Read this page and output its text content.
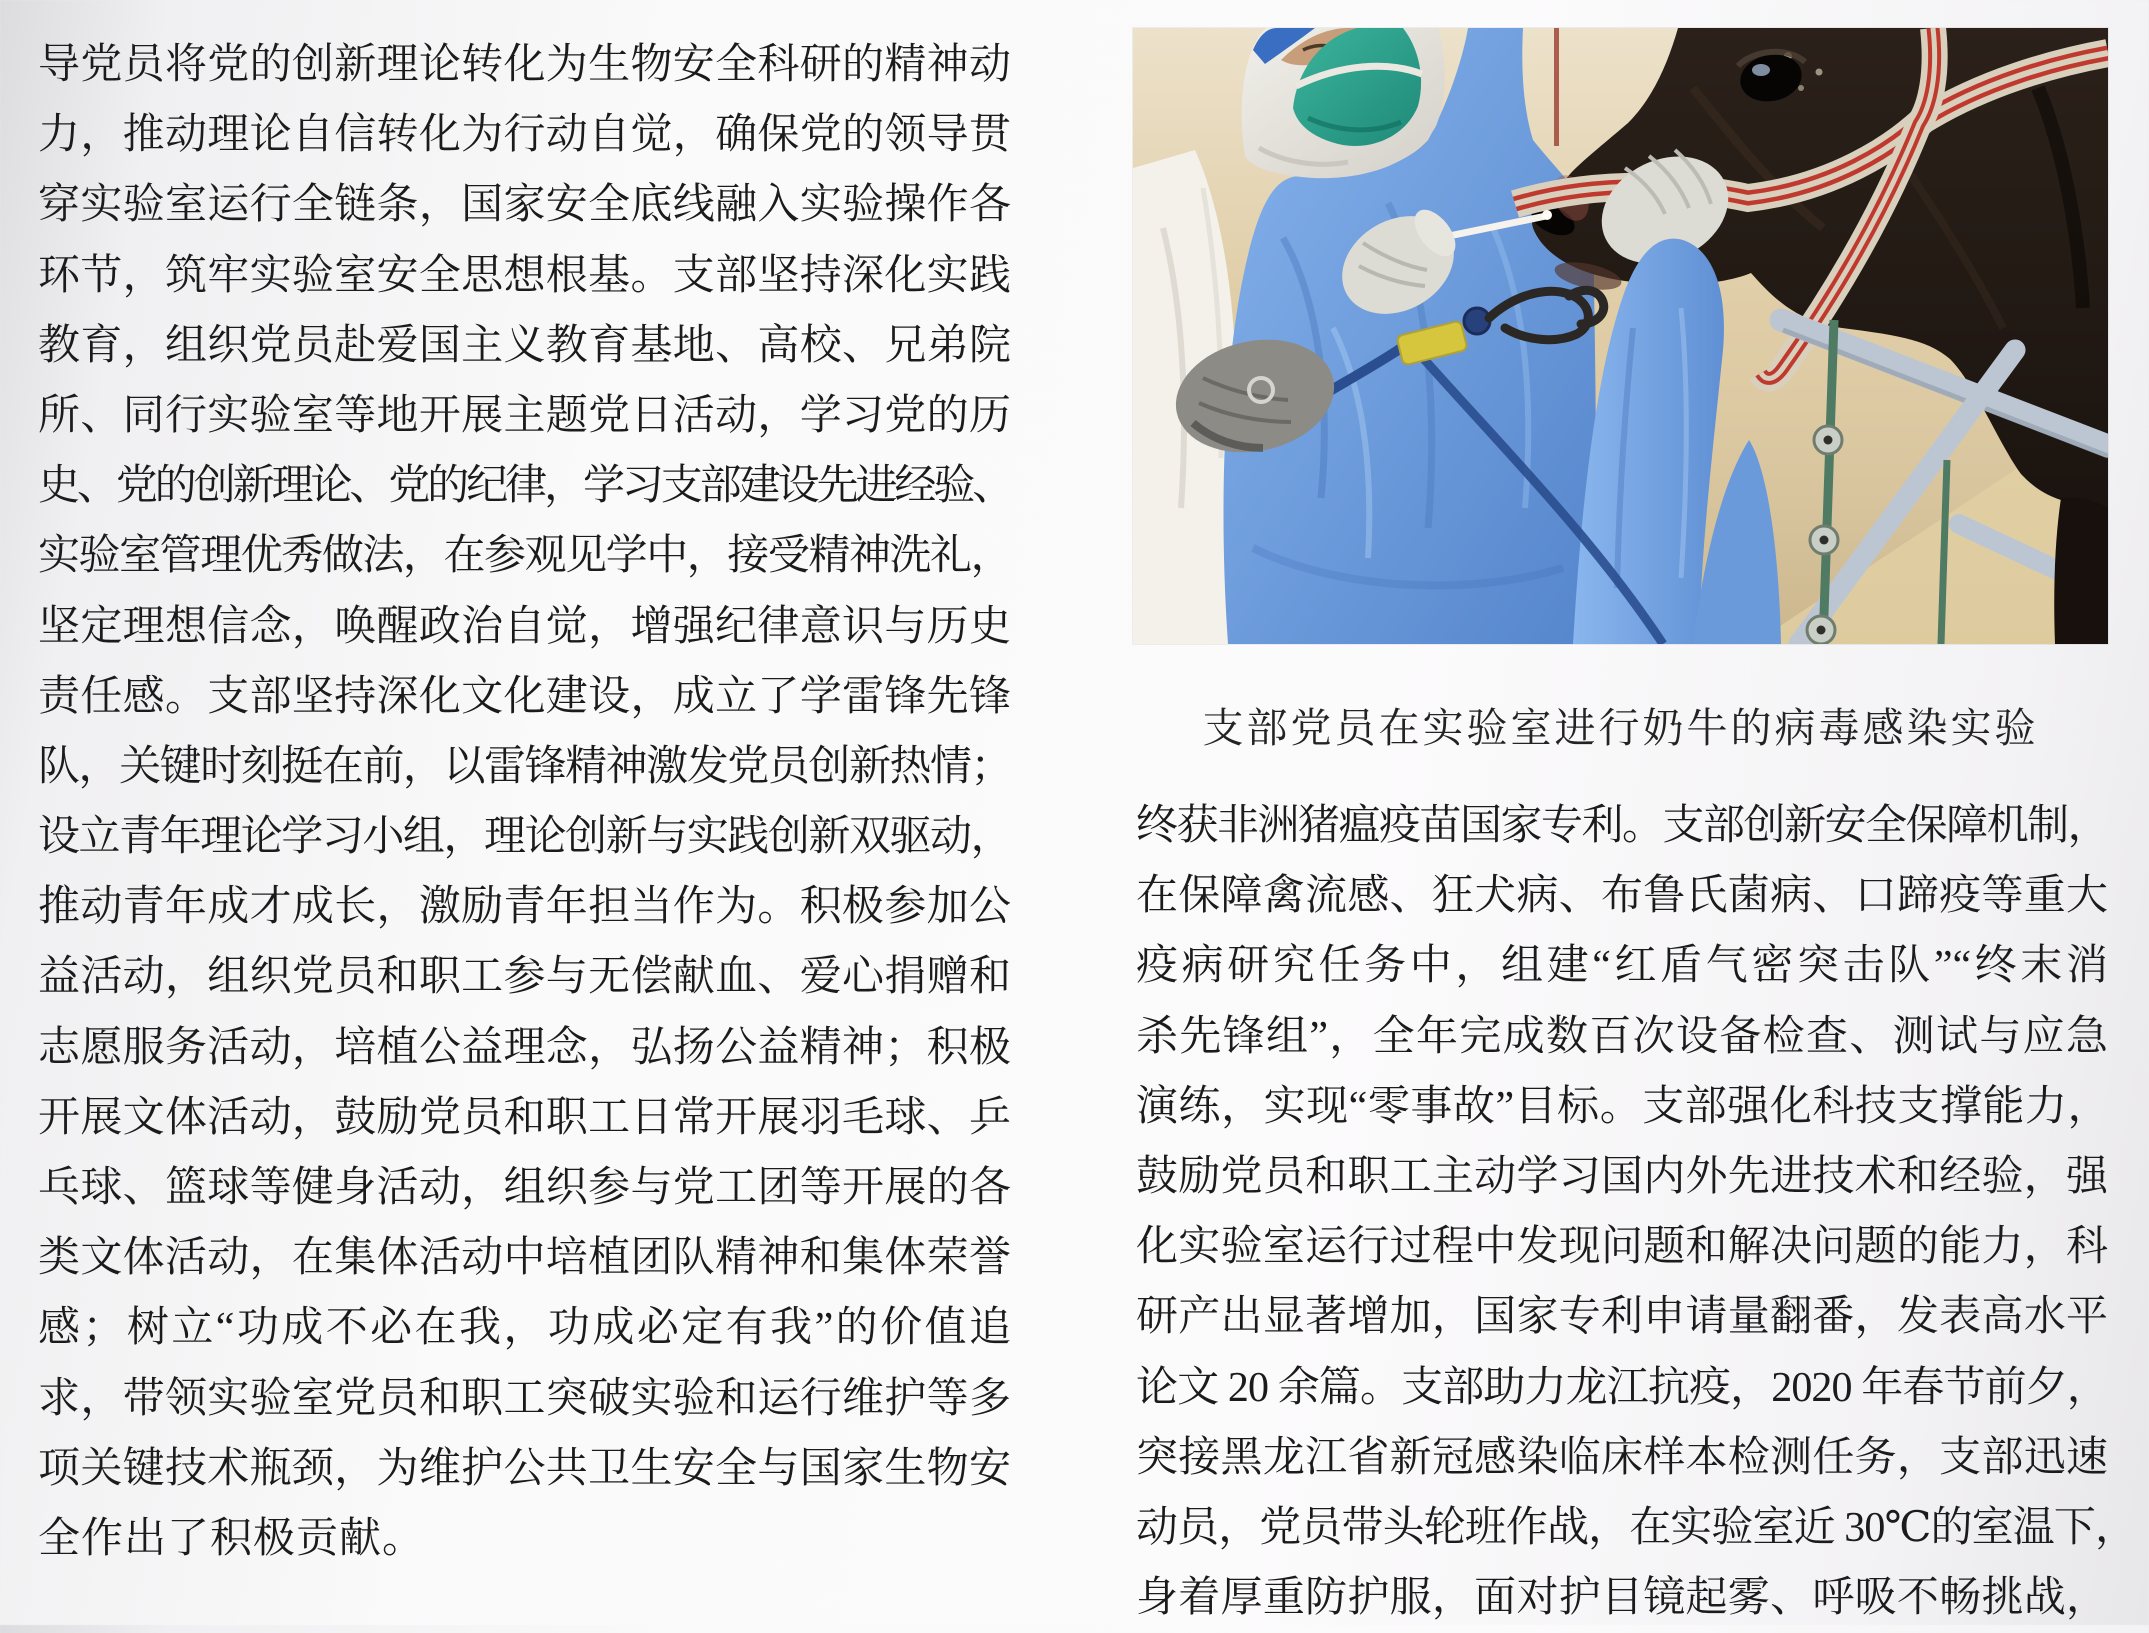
导党员将党的创新理论转化为生物安全科研的精神动
力，推动理论自信转化为行动自觉，确保党的领导贯
穿实验室运行全链条，国家安全底线融入实验操作各
环节，筑牢实验室安全思想根基。支部坚持深化实践
教育，组织党员赴爱国主义教育基地、高校、兄弟院
所、同行实验室等地开展主题党日活动，学习党的历
史、党的创新理论、党的纪律，学习支部建设先进经验、
实验室管理优秀做法，在参观见学中，接受精神洗礼，
坚定理想信念，唤醒政治自觉，增强纪律意识与历史
责任感。支部坚持深化文化建设，成立了学雷锋先锋
队，关键时刻挺在前，以雷锋精神激发党员创新热情；
设立青年理论学习小组，理论创新与实践创新双驱动，
推动青年成才成长，激励青年担当作为。积极参加公
益活动，组织党员和职工参与无偿献血、爱心捐赠和
志愿服务活动，培植公益理念，弘扬公益精神；积极
开展文体活动，鼓励党员和职工日常开展羽毛球、乒
乓球、篮球等健身活动，组织参与党工团等开展的各
类文体活动，在集体活动中培植团队精神和集体荣誉
感；树立“功成不必在我，功成必定有我”的价值追
求，带领实验室党员和职工突破实验和运行维护等多
项关键技术瓶颈，为维护公共卫生安全与国家生物安
全作出了积极贡献。
支部党员在实验室进行奶牛的病毒感染实验
终获非洲猪瘟疫苗国家专利。支部创新安全保障机制，
在保障禽流感、狂犬病、布鲁氏菌病、口蹄疫等重大
疫病研究任务中，组建“红盾气密突击队”“终末消
杀先锋组”，全年完成数百次设备检查、测试与应急
演练，实现“零事故”目标。支部强化科技支撑能力，
鼓励党员和职工主动学习国内外先进技术和经验，强
化实验室运行过程中发现问题和解决问题的能力，科
研产出显著增加，国家专利申请量翻番，发表高水平
论文 20 余篇。支部助力龙江抗疫，2020 年春节前夕，
突接黑龙江省新冠感染临床样本检测任务，支部迅速
动员，党员带头轮班作战，在实验室近 30℃的室温下，
身着厚重防护服，面对护目镜起雾、呼吸不畅挑战，
